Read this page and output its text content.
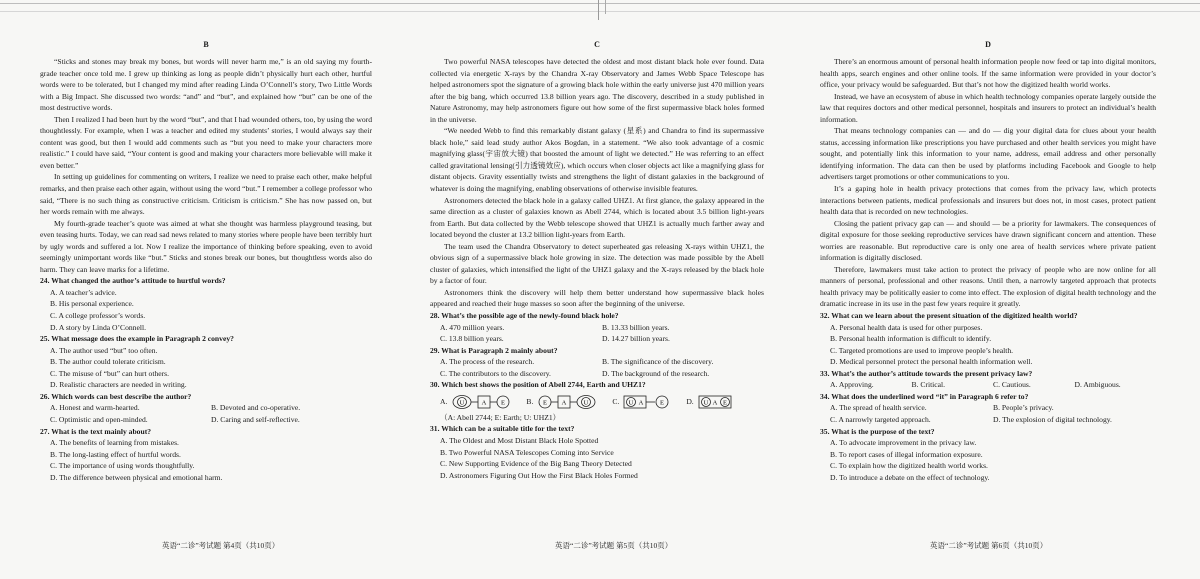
B

“Sticks and stones may break my bones, but words will never harm me,” is an old saying my fourth-grade teacher once told me. I grew up thinking as long as people didn’t physically hurt each other, hurtful words were to be tolerated, but I changed my mind after reading Linda O’Connell’s story, Two Little Words with a Big Impact. She discussed two words: “and” and “but”, and explained how “but” can be one of the most destructive words.

Then I realized I had been hurt by the word “but”, and that I had wounded others, too, by using the word thoughtlessly. For example, when I was a teacher and edited my students’ stories, I would always say their content was good, but then I would add comments such as “but you need to make your characters more realistic.” I could have said, “Your content is good and making your characters more believable will make it even better.”

In setting up guidelines for commenting on writers, I realize we need to praise each other, make helpful remarks, and then praise each other again, without using the word “but.” I remember a college professor who said, “There is no such thing as constructive criticism. Criticism is criticism.” She has now passed on, but her words remain with me always.

My fourth-grade teacher’s quote was aimed at what she thought was harmless playground teasing, but even teasing hurts. Today, we can read sad news related to many stories where people have been terribly hurt by ugly words and suffered a lot. Now I realize the importance of thinking before speaking, even to avoid seemingly unimportant words like “but.” Sticks and stones break our bones, but thoughtless words also do harm. They can leave marks for a lifetime.

24. What changed the author’s attitude to hurtful words?
A. A teacher’s advice.
B. His personal experience.
C. A college professor’s words.
D. A story by Linda O’Connell.
25. What message does the example in Paragraph 2 convey?
A. The author used “but” too often.
B. The author could tolerate criticism.
C. The misuse of “but” can hurt others.
D. Realistic characters are needed in writing.
26. Which words can best describe the author?
A. Honest and warm-hearted.	B. Devoted and co-operative.
C. Optimistic and open-minded.	D. Caring and self-reflective.
27. What is the text mainly about?
A. The benefits of learning from mistakes.
B. The long-lasting effect of hurtful words.
C. The importance of using words thoughtfully.
D. The difference between physical and emotional harm.
英语“二诊”考试题 第4页（共10页）
C

Two powerful NASA telescopes have detected the oldest and most distant black hole ever found. Data collected via energetic X-rays by the Chandra X-ray Observatory and James Webb Space Telescope has helped astronomers spot the signature of a growing black hole within the early universe just 470 million years after the big bang, which occurred 13.8 billion years ago. The discovery, described in a study published in Nature Astronomy, may help astronomers figure out how some of the first supermassive black holes formed in the universe.

“We needed Webb to find this remarkably distant galaxy (星系) and Chandra to find its supermassive black hole,” said lead study author Akos Bogdan, in a statement. “We also took advantage of a cosmic magnifying glass(宇宙放大镜) that boosted the amount of light we detected.” He was referring to an effect called gravitational lensing(引力透镜效应), which occurs when closer objects act like a magnifying glass for distant objects. Gravity essentially twists and strengthens the light of distant galaxies in the background of whatever is doing the magnifying, enabling observations of otherwise invisible features.

Astronomers detected the black hole in a galaxy called UHZ1. At first glance, the galaxy appeared in the same direction as a cluster of galaxies known as Abell 2744, which is located about 3.5 billion light-years from Earth. But data collected by the Webb telescope showed that UHZ1 is actually much farther away and located beyond the cluster at 13.2 billion light-years from Earth.

The team used the Chandra Observatory to detect superheated gas releasing X-rays within UHZ1, the obvious sign of a supermassive black hole growing in size. The detection was made possible by the Abell cluster of galaxies, which intensified the light of the UHZ1 galaxy and the X-rays released by the black hole by a factor of four.

Astronomers think the discovery will help them better understand how supermassive black holes appeared and reached their huge masses so soon after the beginning of the universe.

28. What’s the possible age of the newly-found black hole?
A. 470 million years.	B. 13.33 billion years.
C. 13.8 billion years.	D. 14.27 billion years.
29. What is Paragraph 2 mainly about?
A. The process of the research.	B. The significance of the discovery.
C. The contributors to the discovery.	D. The background of the research.
30. Which best shows the position of Abell 2744, Earth and UHZ1?
A. U	A E	B. E A	U	C. U A	E	D. U A E
（A: Abell 2744; E: Earth; U: UHZ1）
31. Which can be a suitable title for the text?
A. The Oldest and Most Distant Black Hole Spotted
B. Two Powerful NASA Telescopes Coming into Service
C. New Supporting Evidence of the Big Bang Theory Detected
D. Astronomers Figuring Out How the First Black Holes Formed
英语“二诊”考试题 第5页（共10页）
D

There’s an enormous amount of personal health information people now feed or tap into digital monitors, health apps, search engines and other online tools. If the same information were provided in your doctor’s office, your privacy would be safeguarded. But that’s not how the digitized health world works.

Instead, we have an ecosystem of abuse in which health technology companies operate largely outside the law that requires doctors and other medical personnel, hospitals and insurers to protect an individual’s health information.

That means technology companies can — and do — dig your digital data for clues about your health status, accessing information like prescriptions you have purchased and other health services you might have sought, and potentially link this information to your name, address, email address and other personally identifying information. The data can then be used by platforms including Facebook and Google to help advertisers target promotions or other communications to you.

It’s a gaping hole in health privacy protections that comes from the privacy law, which protects interactions between patients, medical professionals and insurers but does not, in most cases, protect patient health data that is recorded on new technologies.

Closing the patient privacy gap can — and should — be a priority for lawmakers. The consequences of digital exposure for those seeking reproductive services have drawn significant concern and attention. These worries are reasonable. But reproductive care is only one area of health services where private patient information is digitally disclosed.

Therefore, lawmakers must take action to protect the privacy of people who are now online for all manners of personal, professional and other reasons. Until then, a narrowly targeted approach that protects health privacy may be politically easier to come into effect. The explosion of digital health technology and the dramatic increase in its use in the past few years require it greatly.

32. What can we learn about the present situation of the digitized health world?
A. Personal health data is used for other purposes.
B. Personal health information is difficult to identify.
C. Targeted promotions are used to improve people’s health.
D. Medical personnel protect the personal health information well.
33. What’s the author’s attitude towards the present privacy law?
A. Approving.	B. Critical.	C. Cautious.	D. Ambiguous.
34. What does the underlined word “it” in Paragraph 6 refer to?
A. The spread of health service.	B. People’s privacy.
C. A narrowly targeted approach.	D. The explosion of digital technology.
35. What is the purpose of the text?
A. To advocate improvement in the privacy law.
B. To report cases of illegal information exposure.
C. To explain how the digitized health world works.
D. To introduce a debate on the effect of technology.
英语“二诊”考试题 第6页（共10页）
